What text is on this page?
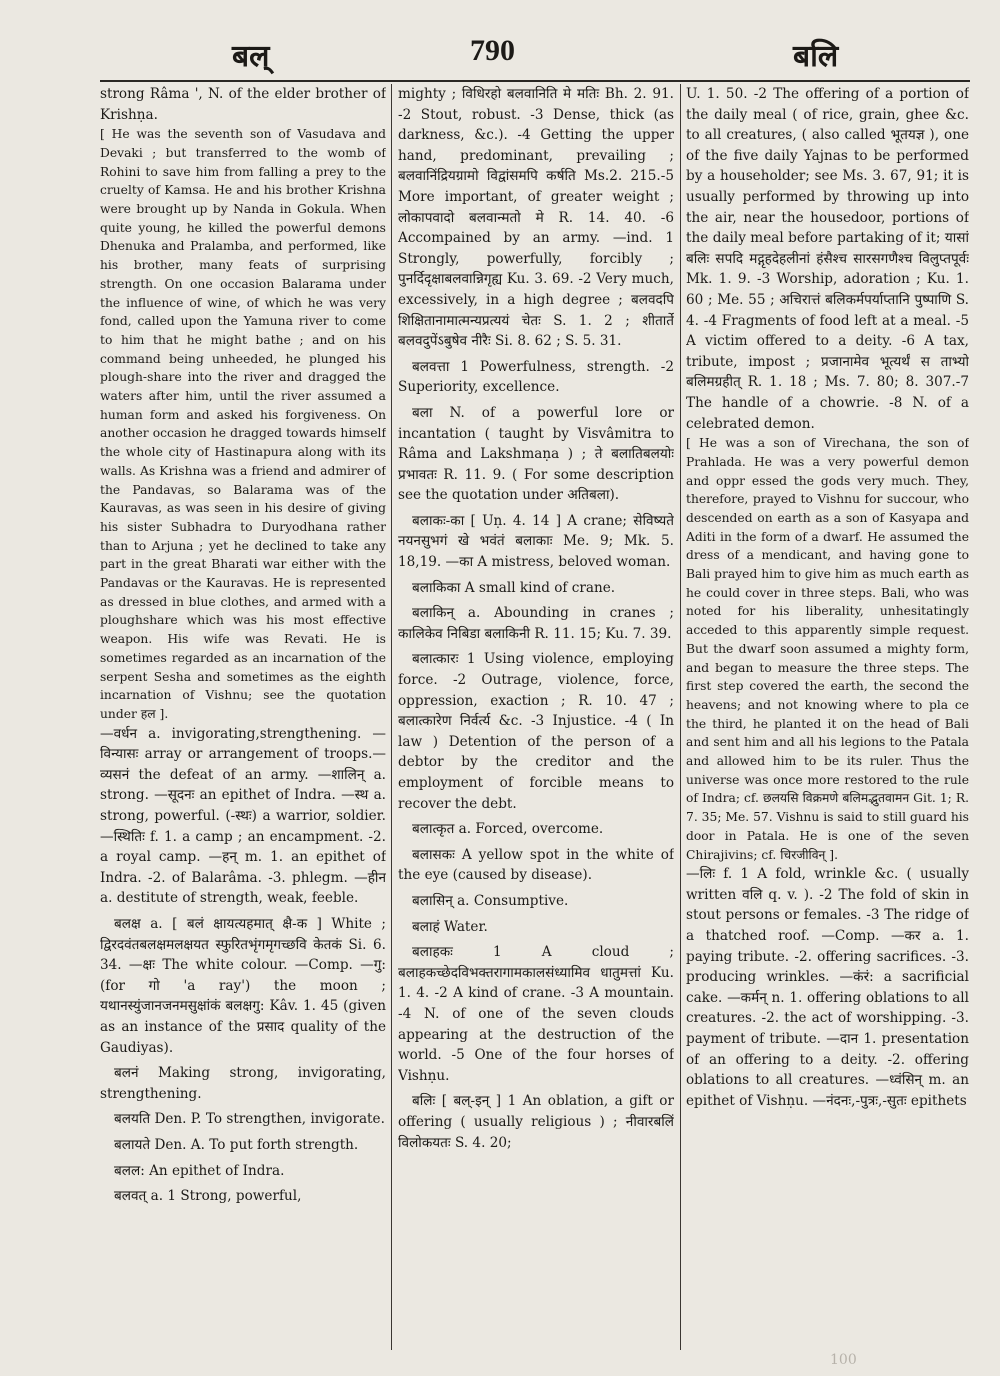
बल्	790	बलि

strong Râma ', N. of the elder brother of Krishṇa.

[ He was the seventh son of Vasudava and Devaki ; but transferred to the womb of Rohini to save him from falling a prey to the cruelty of Kamsa. He and his brother Krishna were brought up by Nanda in Gokula. When quite young, he killed the powerful demons Dhenuka and Pralamba, and performed, like his brother, many feats of surprising strength. On one occasion Balarama under the influence of wine, of which he was very fond, called upon the Yamuna river to come to him that he might bathe ; and on his command being unheeded, he plunged his plough-share into the river and dragged the waters after him, until the river assumed a human form and asked his forgiveness. On another occasion he dragged towards himself the whole city of Hastinapura along with its walls. As Krishna was a friend and admirer of the Pandavas, so Balarama was of the Kauravas, as was seen in his desire of giving his sister Subhadra to Duryodhana rather than to Arjuna ; yet he declined to take any part in the great Bharati war either with the Pandavas or the Kauravas. He is represented as dressed in blue clothes, and armed with a ploughshare which was his most effective weapon. His wife was Revati. He is sometimes regarded as an incarnation of the serpent Sesha and sometimes as the eighth incarnation of Vishnu; see the quotation under हल ].

—वर्धन a. invigorating,strengthening. —विन्यासः array or arrangement of troops.—व्यसनं the defeat of an army. —शालिन् a. strong. —सूदनः an epithet of Indra. —स्थ a. strong, powerful. (-स्थः) a warrior, soldier. —स्थितिः f. 1. a camp ; an encampment. -2. a royal camp. —हन् m. 1. an epithet of Indra. -2. of Balarâma. -3. phlegm. —हीन a. destitute of strength, weak, feeble.

बलक्ष a. [ बलं क्षायत्यहमात् क्षै-क ] White ; द्विरदवंतबलक्षमलक्षयत स्फुरितभृंगमृगच्छवि केतकं Si. 6. 34. —क्षः The white colour. —Comp. —गु: (for गो 'a ray') the moon ; यथानस्युंजानजनमसुक्षांकं बलक्षगु: Kâv. 1. 45 (given as an instance of the प्रसाद quality of the Gaudiyas).

बलनं Making strong, invigorating, strengthening.

बलयति Den. P. To strengthen, invigorate.

बलायते Den. A. To put forth strength.

बलल: An epithet of Indra.

बलवत् a. 1 Strong, powerful,

mighty ; विधिरहो बलवानिति मे मतिः Bh. 2. 91. -2 Stout, robust. -3 Dense, thick (as darkness, &c.). -4 Getting the upper hand, predominant, prevailing ; बलवानिंद्रियग्रामो विद्वांसमपि कर्षति Ms.2. 215.-5 More important, of greater weight ; लोकापवादो बलवान्मतो मे R. 14. 40. -6 Accompained by an army. —ind. 1 Strongly, powerfully, forcibly ; पुनर्दिदृक्षाबलवान्निगृह्य Ku. 3. 69. -2 Very much, excessively, in a high degree ; बलवदपि शिक्षितानामात्मन्यप्रत्ययं चेतः S. 1. 2 ; शीतार्ते बलवदुपेंऽबुषेव नीरैः Si. 8. 62 ; S. 5. 31.

बलवत्ता 1 Powerfulness, strength. -2 Superiority, excellence.

बला N. of a powerful lore or incantation ( taught by Visvâmitra to Râma and Lakshmaṇa ) ; ते बलातिबलयोः प्रभावतः R. 11. 9. ( For some description see the quotation under अतिबला).

बलाकः-का [ Uṇ. 4. 14 ] A crane; सेविष्यते नयनसुभगं खे भवंतं बलाकाः Me. 9; Mk. 5. 18,19. —का A mistress, beloved woman.

बलाकिका A small kind of crane.

बलाकिन् a. Abounding in cranes ; कालिकेव निबिडा बलाकिनी R. 11. 15; Ku. 7. 39.

बलात्कारः 1 Using violence, employing force. -2 Outrage, violence, force, oppression, exaction ; R. 10. 47 ; बलात्कारेण निर्वर्त्य &c. -3 Injustice. -4 ( In law ) Detention of the person of a debtor by the creditor and the employment of forcible means to recover the debt.

बलात्कृत a. Forced, overcome.

बलासकः A yellow spot in the white of the eye (caused by disease).

बलासिन् a. Consumptive.

बलाहं Water.

बलाहकः 1 A cloud ; बलाहकच्छेदविभक्तरागामकालसंध्यामिव धातुमत्तां Ku. 1. 4. -2 A kind of crane. -3 A mountain. -4 N. of one of the seven clouds appearing at the destruction of the world. -5 One of the four horses of Vishṇu.

बलिः [ बल्-इन् ] 1 An oblation, a gift or offering ( usually religious ) ; नीवारबलिं विलोकयतः S. 4. 20;

U. 1. 50. -2 The offering of a portion of the daily meal ( of rice, grain, ghee &c. to all creatures, ( also called भूतयज्ञ ), one of the five daily Yajnas to be performed by a householder; see Ms. 3. 67, 91; it is usually performed by throwing up into the air, near the housedoor, portions of the daily meal before partaking of it; यासां बलिः सपदि मद्गृहदेहलीनां हंसैश्च सारसगणैश्च विलुप्तपूर्वः Mk. 1. 9. -3 Worship, adoration ; Ku. 1. 60 ; Me. 55 ; अचिरात्तं बलिकर्मपर्याप्तानि पुष्पाणि S. 4. -4 Fragments of food left at a meal. -5 A victim offered to a deity. -6 A tax, tribute, impost ; प्रजानामेव भूत्यर्थं स ताभ्यो बलिमग्रहीत् R. 1. 18 ; Ms. 7. 80; 8. 307.-7 The handle of a chowrie. -8 N. of a celebrated demon.

[ He was a son of Virechana, the son of Prahlada. He was a very powerful demon and oppr essed the gods very much. They, therefore, prayed to Vishnu for succour, who descended on earth as a son of Kasyapa and Aditi in the form of a dwarf. He assumed the dress of a mendicant, and having gone to Bali prayed him to give him as much earth as he could cover in three steps. Bali, who was noted for his liberality, unhesitatingly acceded to this apparently simple request. But the dwarf soon assumed a mighty form, and began to measure the three steps. The first step covered the earth, the second the heavens; and not knowing where to pla ce the third, he planted it on the head of Bali and sent him and all his legions to the Patala and allowed him to be its ruler. Thus the universe was once more restored to the rule of Indra; cf. छलयसि विक्रमणे बलिमद्भुतवामन Git. 1; R. 7. 35; Me. 57. Vishnu is said to still guard his door in Patala. He is one of the seven Chirajivins; cf. चिरजीविन् ].

—लिः f. 1 A fold, wrinkle &c. ( usually written वलि q. v. ). -2 The fold of skin in stout persons or females. -3 The ridge of a thatched roof. —Comp. —कर a. 1. paying tribute. -2. offering sacrifices. -3. producing wrinkles. —कंरं: a sacrificial cake. —कर्मन् n. 1. offering oblations to all creatures. -2. the act of worshipping. -3. payment of tribute. —दान 1. presentation of an offering to a deity. -2. offering oblations to all creatures. —ध्वंसिन् m. an epithet of Vishṇu. —नंदनः,-पुत्रः,-सुतः epithets

100
